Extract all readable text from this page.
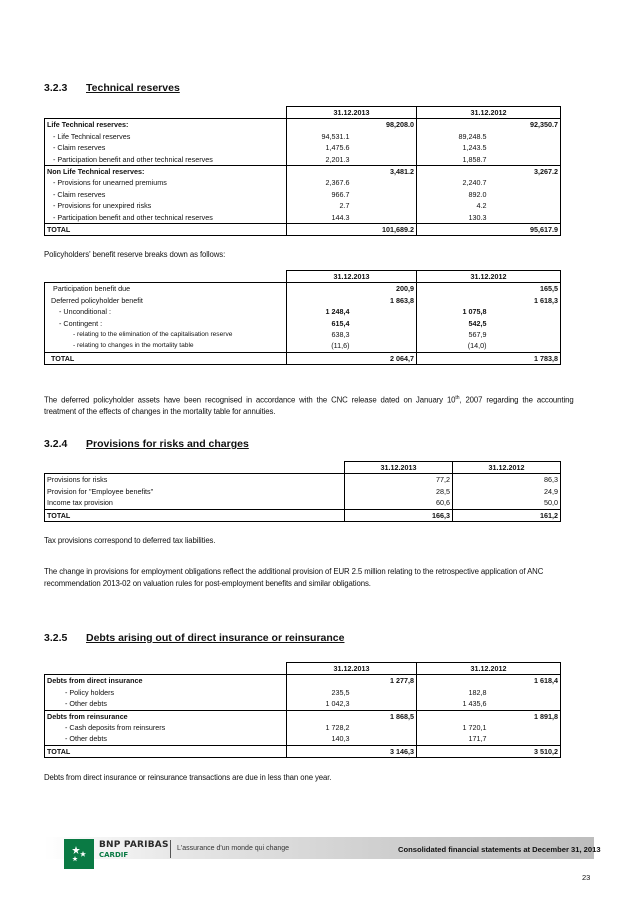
3.2.3 Technical reserves
	31.12.2013		31.12.2012	
Life Technical reserves:		98,208.0		92,350.7
- Life Technical reserves	94,531.1		89,248.5	
- Claim reserves	1,475.6		1,243.5	
- Participation benefit and other technical reserves	2,201.3		1,858.7	
Non Life Technical reserves:		3,481.2		3,267.2
- Provisions for unearned premiums	2,367.6		2,240.7	
- Claim reserves	966.7		892.0	
- Provisions for unexpired risks	2.7		4.2	
- Participation benefit and other technical reserves	144.3		130.3	
TOTAL		101,689.2		95,617.9
Policyholders' benefit reserve breaks down as follows:
	31.12.2013		31.12.2012	
Participation benefit due		200,9		165,5
Deferred policyholder benefit		1 863,8		1 618,3
- Unconditional :	1 248,4		1 075,8	
- Contingent :	615,4		542,5	
- relating to the elimination of the capitalisation reserve	638,3		567,9	
- relating to changes in the mortality table	(11,6)		(14,0)	
TOTAL		2 064,7		1 783,8
The deferred policyholder assets have been recognised in accordance with the CNC release dated on January 10th, 2007 regarding the accounting
treatment of the effects of changes in the mortality table for annuities.
3.2.4 Provisions for risks and charges
	31.12.2013	31.12.2012
Provisions for risks	77,2	86,3
Provision for "Employee benefits"	28,5	24,9
Income tax provision	60,6	50,0
TOTAL	166,3	161,2
Tax provisions correspond to deferred tax liabilities.
The change in provisions for employment obligations reflect the additional provision of EUR 2.5 million relating to the retrospective application of ANC
recommendation 2013-02 on valuation rules for post-employment benefits and similar obligations.
3.2.5 Debts arising out of direct insurance or reinsurance
	31.12.2013		31.12.2012	
Debts from direct insurance		1 277,8		1 618,4
- Policy holders	235,5		182,8	
- Other debts	1 042,3		1 435,6	
Debts from reinsurance		1 868,5		1 891,8
- Cash deposits from reinsurers	1 728,2		1 720,1	
- Other debts	140,3		171,7	
TOTAL		3 146,3		3 510,2
Debts from direct insurance or reinsurance transactions are due in less than one year.
BNP PARIBAS
CARDIF
L'assurance d'un monde qui change	Consolidated financial statements at December 31, 2013
23
